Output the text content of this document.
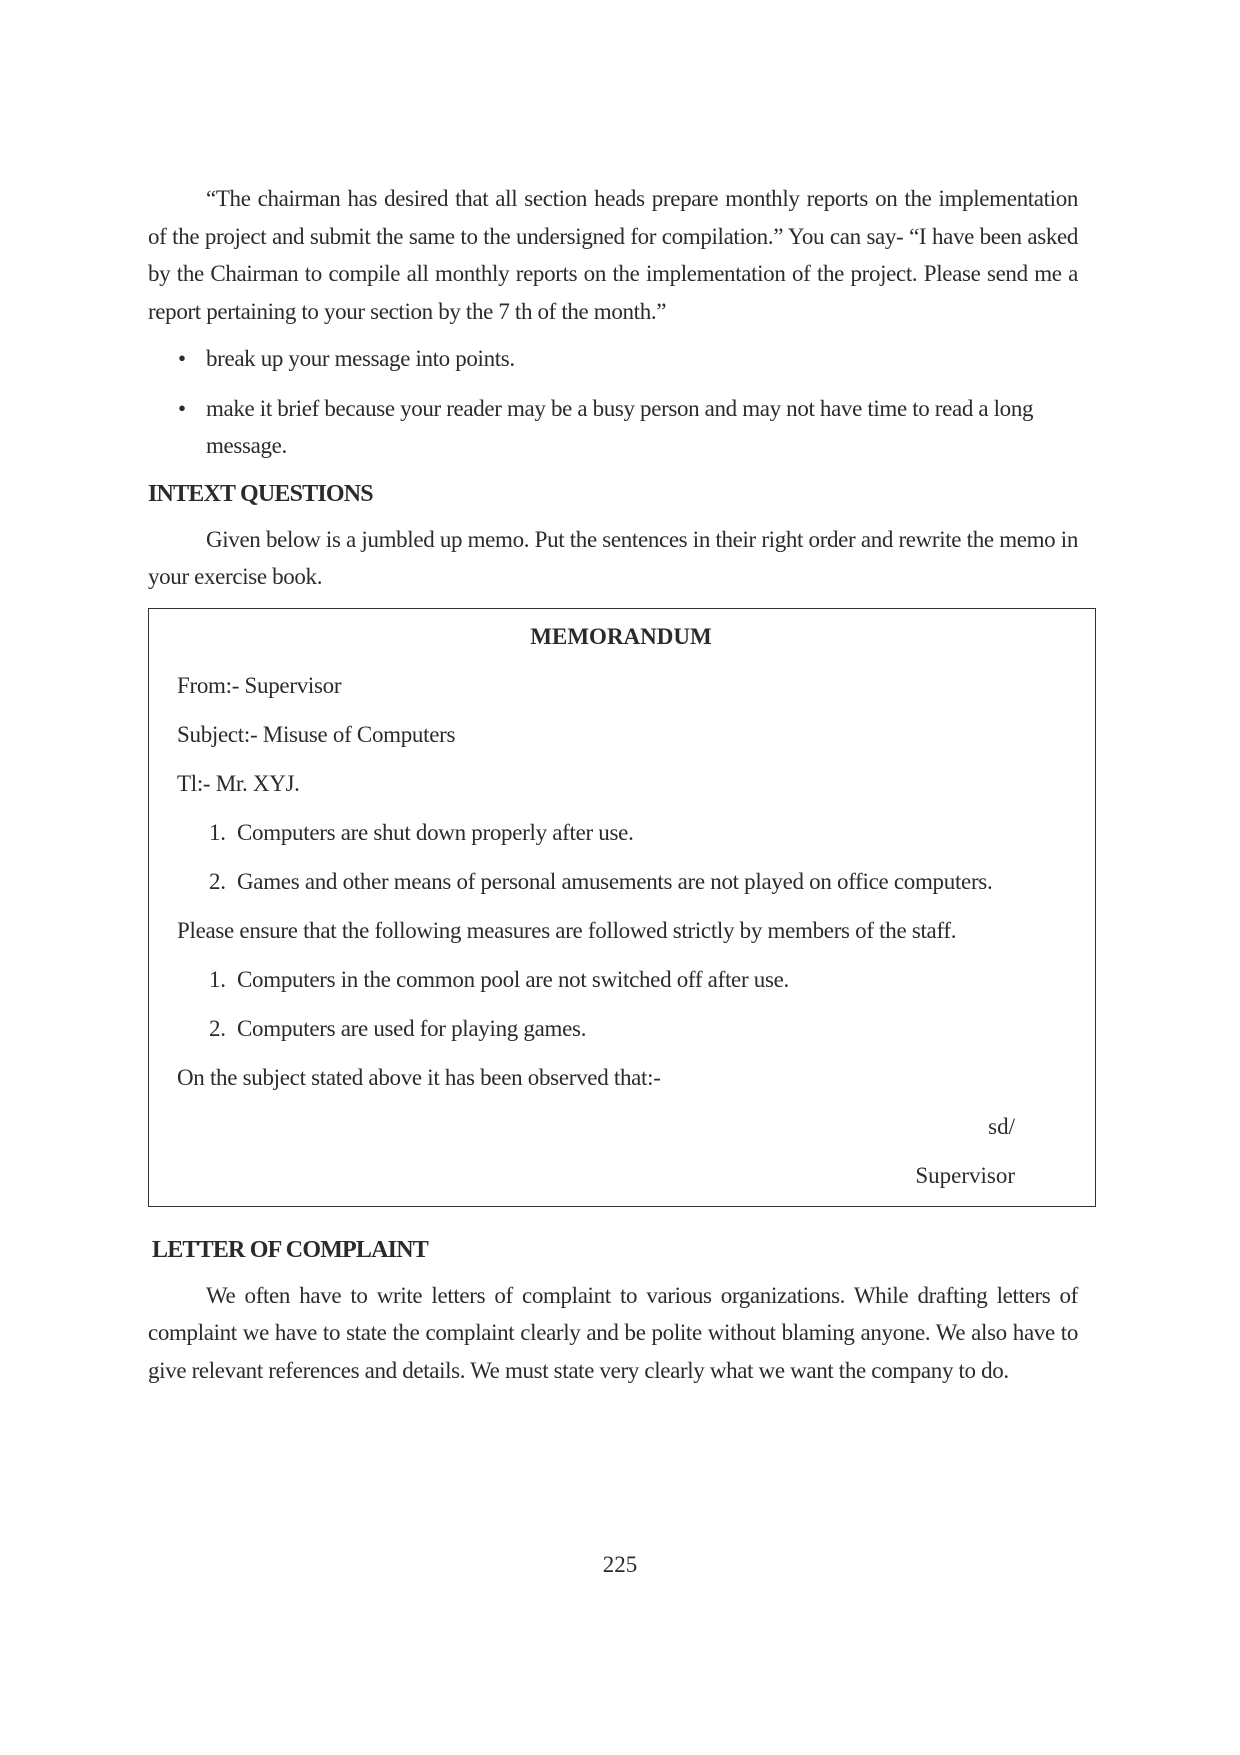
“The chairman has desired that all section heads prepare monthly reports on the implementation of the project and submit the same to the undersigned for compilation.” You can say- “I have been asked by the Chairman to compile all monthly reports on the implementation of the project. Please send me a report pertaining to your section by the 7 th of the month.”

• break up your message into points.
• make it brief because your reader may be a busy person and may not have time to read a long message.
INTEXT QUESTIONS

Given below is a jumbled up memo. Put the sentences in their right order and rewrite the memo in your exercise book.

MEMORANDUM

From:- Supervisor

Subject:- Misuse of Computers

Tl:- Mr. XYJ.

1. Computers are shut down properly after use.

2. Games and other means of personal amusements are not played on office computers.

Please ensure that the following measures are followed strictly by members of the staff.

1. Computers in the common pool are not switched off after use.

2. Computers are used for playing games.

On the subject stated above it has been observed that:-

sd/

Supervisor

LETTER OF COMPLAINT

We often have to write letters of complaint to various organizations. While drafting letters of complaint we have to state the complaint clearly and be polite without blaming anyone. We also have to give relevant references and details. We must state very clearly what we want the company to do.

225
